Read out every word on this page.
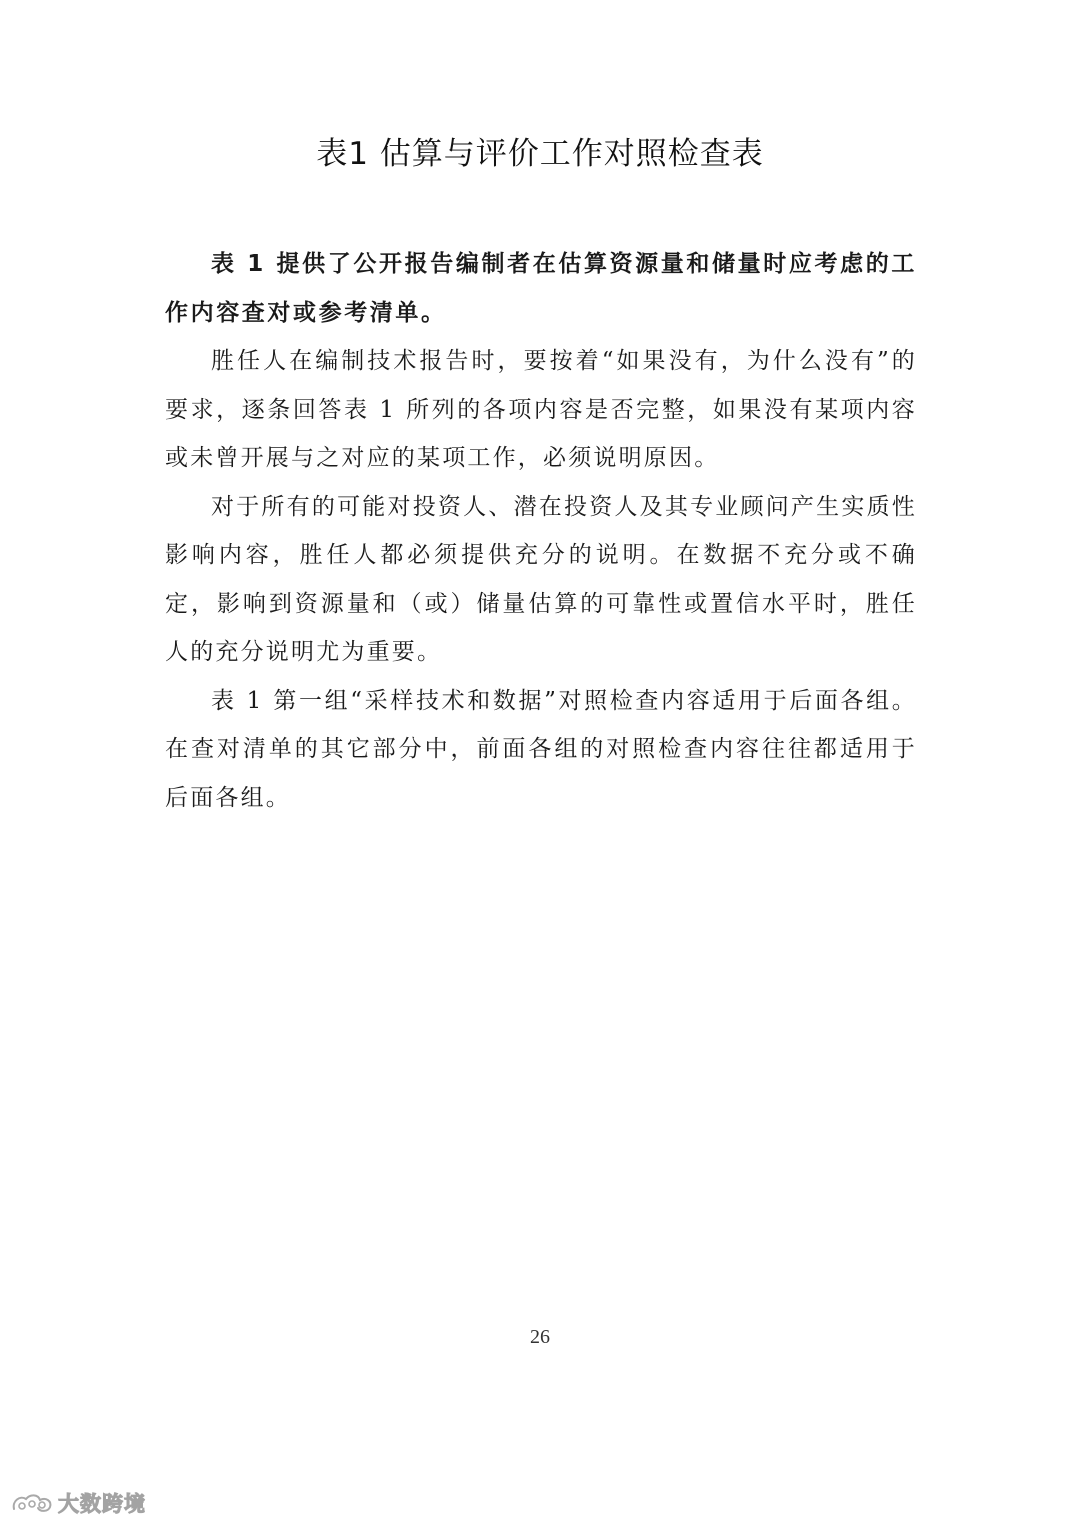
表1 估算与评价工作对照检查表

表 1 提供了公开报告编制者在估算资源量和储量时应考虑的工作内容查对或参考清单。

胜任人在编制技术报告时，要按着“如果没有，为什么没有”的要求，逐条回答表 1 所列的各项内容是否完整，如果没有某项内容或未曾开展与之对应的某项工作，必须说明原因。

对于所有的可能对投资人、潜在投资人及其专业顾问产生实质性影响内容，胜任人都必须提供充分的说明。在数据不充分或不确定，影响到资源量和（或）储量估算的可靠性或置信水平时，胜任人的充分说明尤为重要。

表 1 第一组“采样技术和数据”对照检查内容适用于后面各组。在查对清单的其它部分中，前面各组的对照检查内容往往都适用于后面各组。

26
大数跨境
